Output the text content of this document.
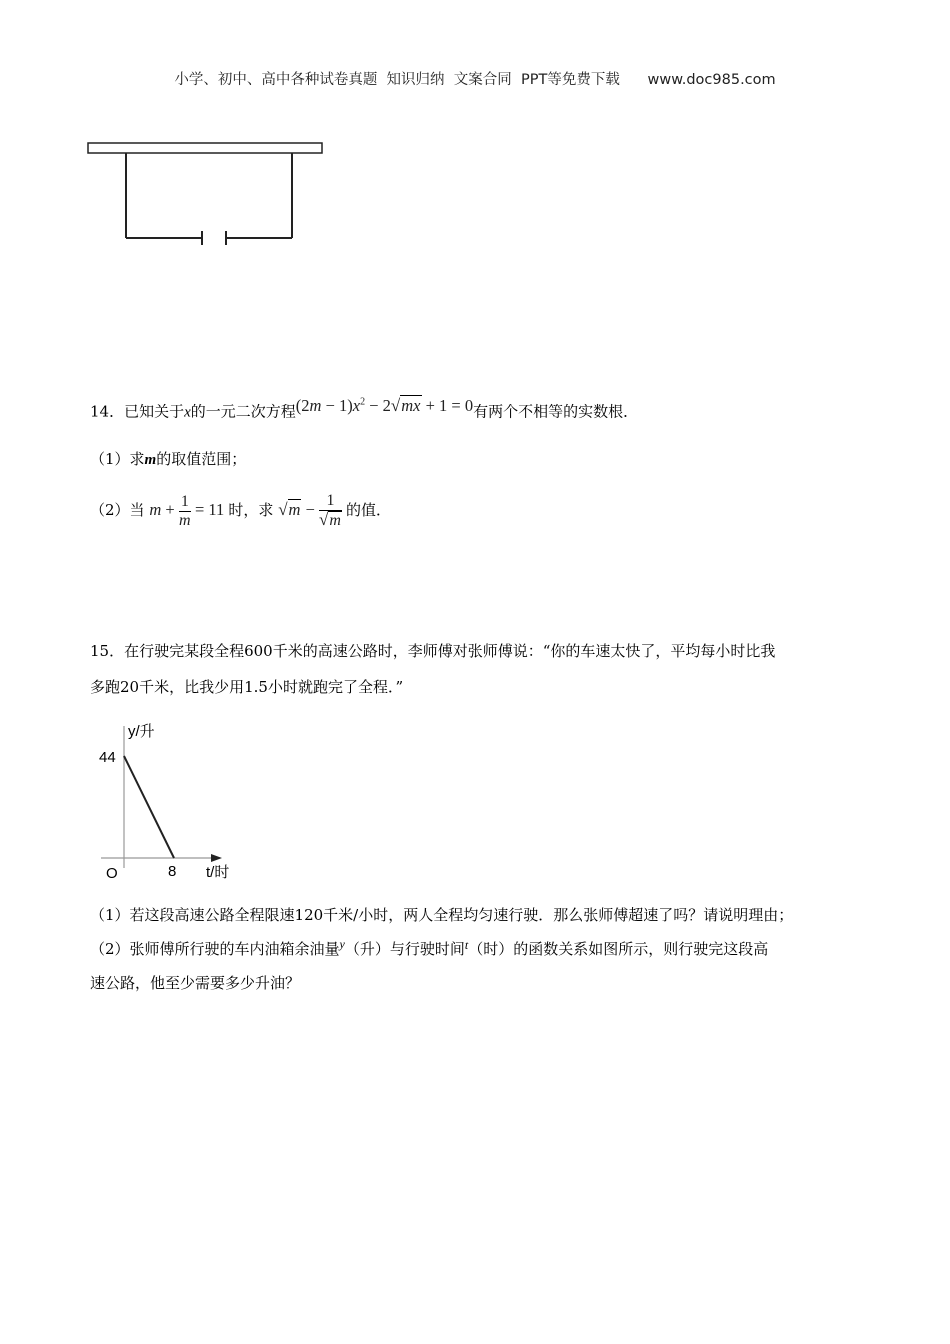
小学、初中、高中各种试卷真题  知识归纳  文案合同  PPT等免费下载      www.doc985.com
14．已知关于x的一元二次方程$(2m - 1)x^2 - 2√mx + 1 = 0$有两个不相等的实数根．
（1）求m的取值范围；
（2）当 $m + \frac{1}{m} = 11$ 时，求 $√m - \frac{1}{√m}$ 的值．
15．在行驶完某段全程600千米的高速公路时，李师傅对张师傅说：“你的车速太快了，平均每小时比我
多跑20千米，比我少用1.5小时就跑完了全程．”
y/升
44
O	8 t/时
（1）若这段高速公路全程限速120千米/小时，两人全程均匀速行驶．那么张师傅超速了吗？请说明理由；
（2）张师傅所行驶的车内油箱余油量$^y$（升）与行驶时间$^t$（时）的函数关系如图所示，则行驶完这段高
速公路，他至少需要多少升油？
